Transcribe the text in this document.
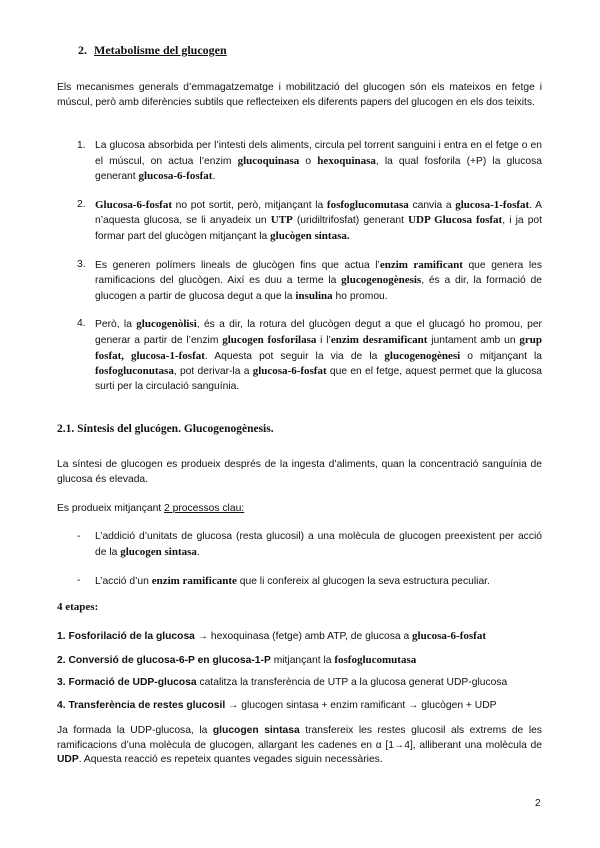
2. Metabolisme del glucogen

Els mecanismes generals d’emmagatzematge i mobilització del glucogen són els mateixos en fetge i múscul, però amb diferències subtils que reflecteixen els diferents papers del glucogen en els dos teixits.

1. La glucosa absorbida per l’intesti dels aliments, circula pel torrent sanguini i entra en el fetge o en el múscul, on actua l’enzim glucoquinasa o hexoquinasa, la qual fosforila (+P) la glucosa generant glucosa-6-fosfat.
2. Glucosa-6-fosfat no pot sortit, però, mitjançant la fosfoglucomutasa canvia a glucosa-1-fosfat. A n’aquesta glucosa, se li anyadeix un UTP (uridiltrifosfat) generant UDP Glucosa fosfat, i ja pot formar part del glucògen mitjançant la glucògen sintasa.
3. Es generen polímers lineals de glucògen fins que actua l’enzim ramificant que genera les ramificacions del glucògen. Així es duu a terme la glucogenogènesis, és a dir, la formació de glucogen a partir de glucosa degut a que la insulina ho promou.
4. Però, la glucogenòlisi, és a dir, la rotura del glucògen degut a que el glucagó ho promou, per generar a partir de l’enzim glucogen fosforilasa i l’enzim desramificant juntament amb un grup fosfat, glucosa-1-fosfat. Aquesta pot seguir la via de la glucogenogènesi o mitjançant la fosfogluconutasa, pot derivar-la a glucosa-6-fosfat que en el fetge, aquest permet que la glucosa surti per la circulació sanguínia.
2.1. Síntesis del glucógen. Glucogenogènesis.

La síntesi de glucogen es produeix després de la ingesta d’aliments, quan la concentració sanguínia de glucosa és elevada.

Es produeix mitjançant 2 processos clau:

- L’addició d’unitats de glucosa (resta glucosil) a una molècula de glucogen preexistent per acció de la glucogen sintasa.
- L’acció d’un enzim ramificante que li confereix al glucogen la seva estructura peculiar.

4 etapes:

1. Fosforilació de la glucosa → hexoquinasa (fetge) amb ATP, de glucosa a glucosa-6-fosfat
2. Conversió de glucosa-6-P en glucosa-1-P mitjançant la fosfoglucomutasa
3. Formació de UDP-glucosa catalitza la transferència de UTP a la glucosa generat UDP-glucosa
4. Transferència de restes glucosil → glucogen sintasa + enzim ramificant → glucògen + UDP

Ja formada la UDP-glucosa, la glucogen sintasa transfereix les restes glucosil als extrems de les ramificacions d’una molècula de glucogen, allargant les cadenes en α [1→4], alliberant una molècula de UDP. Aquesta reacció es repeteix quantes vegades siguin necessàries.

2
